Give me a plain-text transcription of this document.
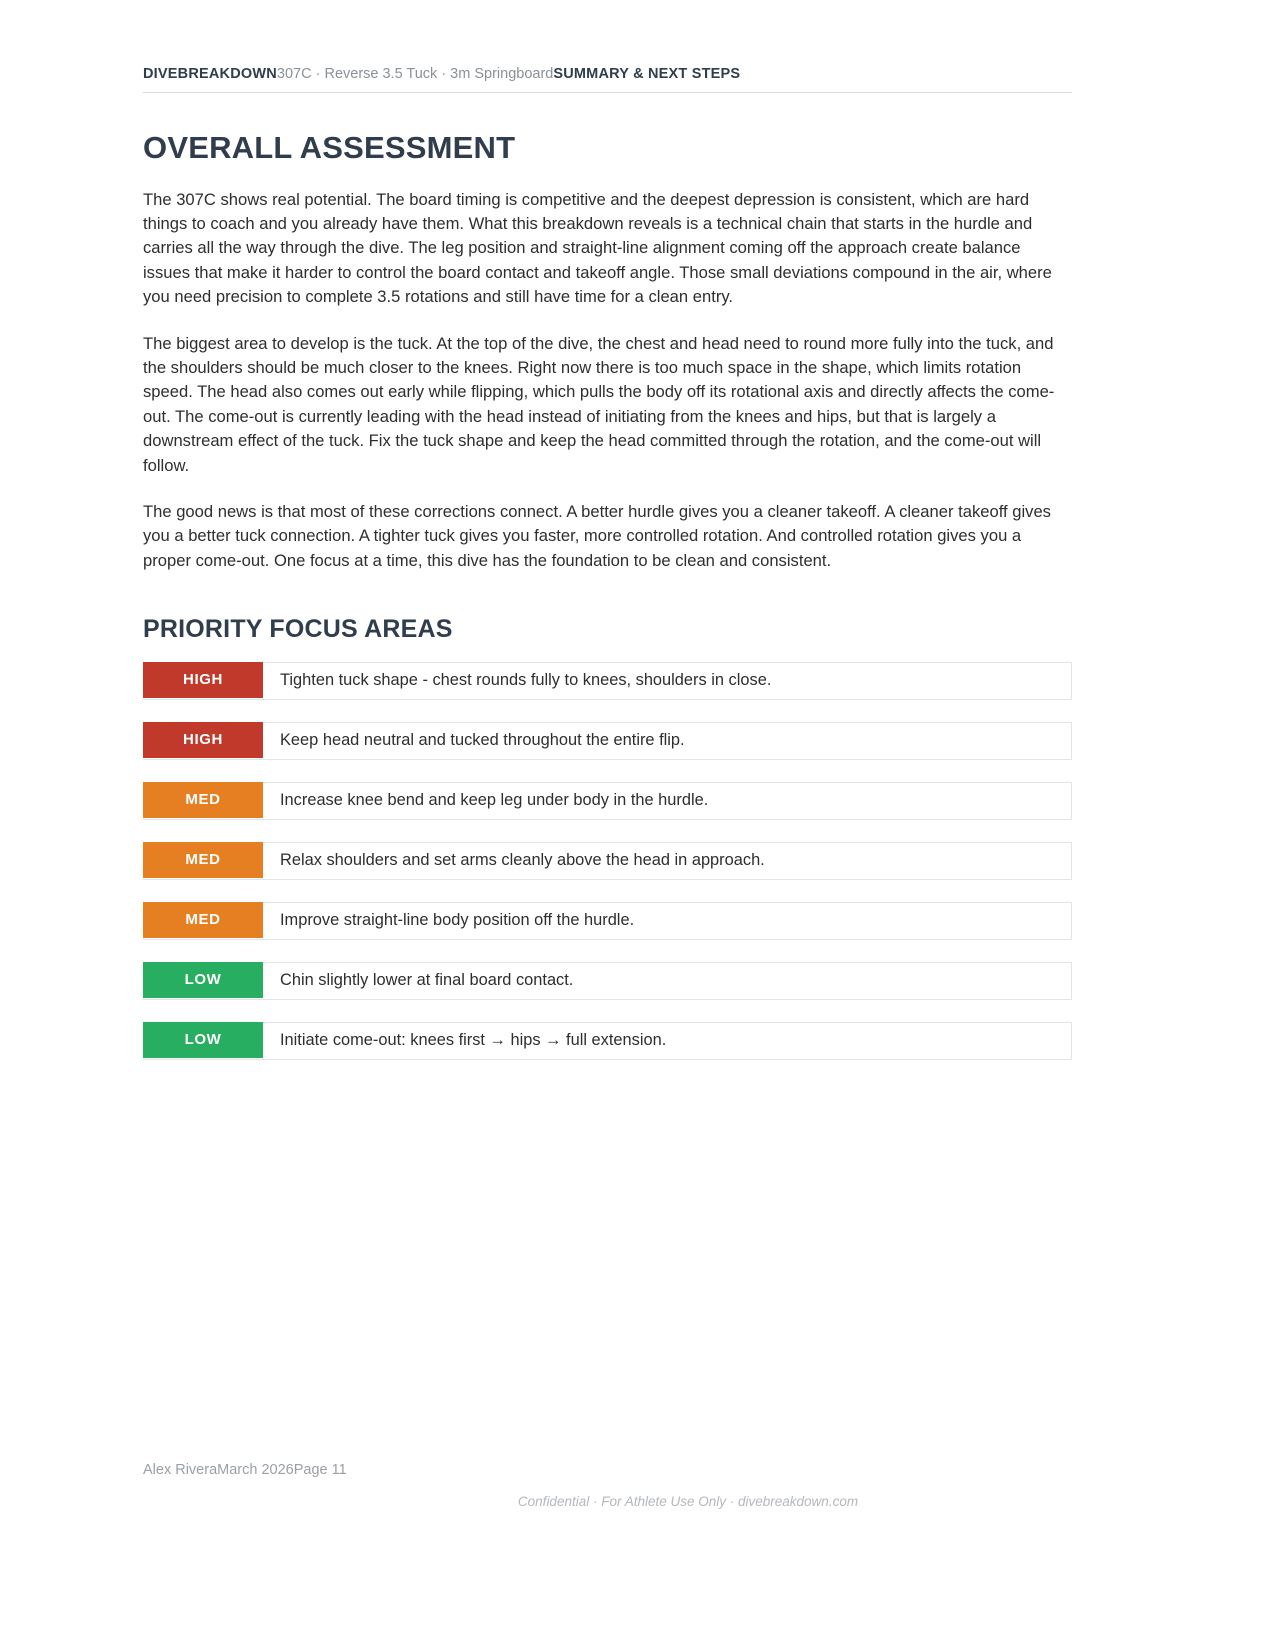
DIVEBREAKDOWN 307C · Reverse 3.5 Tuck · 3m Springboard SUMMARY & NEXT STEPS
OVERALL ASSESSMENT

The 307C shows real potential. The board timing is competitive and the deepest depression is consistent, which are hard things to coach and you already have them. What this breakdown reveals is a technical chain that starts in the hurdle and carries all the way through the dive. The leg position and straight-line alignment coming off the approach create balance issues that make it harder to control the board contact and takeoff angle. Those small deviations compound in the air, where you need precision to complete 3.5 rotations and still have time for a clean entry.

The biggest area to develop is the tuck. At the top of the dive, the chest and head need to round more fully into the tuck, and the shoulders should be much closer to the knees. Right now there is too much space in the shape, which limits rotation speed. The head also comes out early while flipping, which pulls the body off its rotational axis and directly affects the come-out. The come-out is currently leading with the head instead of initiating from the knees and hips, but that is largely a downstream effect of the tuck. Fix the tuck shape and keep the head committed through the rotation, and the come-out will follow.

The good news is that most of these corrections connect. A better hurdle gives you a cleaner takeoff. A cleaner takeoff gives you a better tuck connection. A tighter tuck gives you faster, more controlled rotation. And controlled rotation gives you a proper come-out. One focus at a time, this dive has the foundation to be clean and consistent.

PRIORITY FOCUS AREAS
HIGH	Tighten tuck shape - chest rounds fully to knees, shoulders in close.
HIGH	Keep head neutral and tucked throughout the entire flip.
MED	Increase knee bend and keep leg under body in the hurdle.
MED	Relax shoulders and set arms cleanly above the head in approach.
MED	Improve straight-line body position off the hurdle.
LOW	Chin slightly lower at final board contact.
LOW	Initiate come-out: knees first → hips → full extension.
Alex RiveraMarch 2026Page 11
Confidential · For Athlete Use Only · divebreakdown.com
